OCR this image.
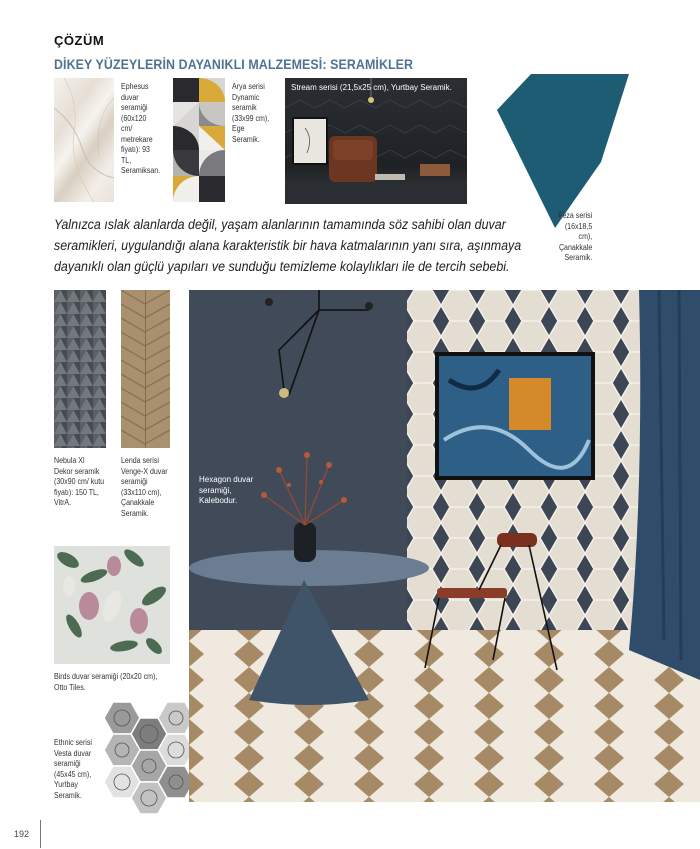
ÇÖZÜM
DİKEY YÜZEYLERİN DAYANIKLI MALZEMESİ: SERAMİKLER
Ephesus duvar seramiği (60x120 cm/ metrekare fiyatı): 93 TL, Seramiksan.
Arya serisi Dynamic seramik (33x99 cm), Ege Seramik.
Stream serisi (21,5x25 cm), Yurtbay Seramik.
Feza serisi (16x18,5 cm), Çanakkale Seramik.
Yalnızca ıslak alanlarda değil, yaşam alanlarının tamamında söz sahibi olan duvar seramikleri, uygulandığı alana karakteristik bir hava katmalarının yanı sıra, aşınmaya dayanıklı olan güçlü yapıları ve sunduğu temizleme kolaylıkları ile de tercih sebebi.
Nebula Xl Dekor seramik (30x90 cm/ kutu fiyatı): 150 TL, VitrA.
Lenda serisi Venge-X duvar seramiği (33x110 cm), Çanakkale Seramik.
Birds duvar seramiği (20x20 cm), Otto Tiles.
Ethnic serisi Vesta duvar seramiği (45x45 cm), Yurtbay Seramik.
Hexagon duvar seramiği, Kalebodur.
192
